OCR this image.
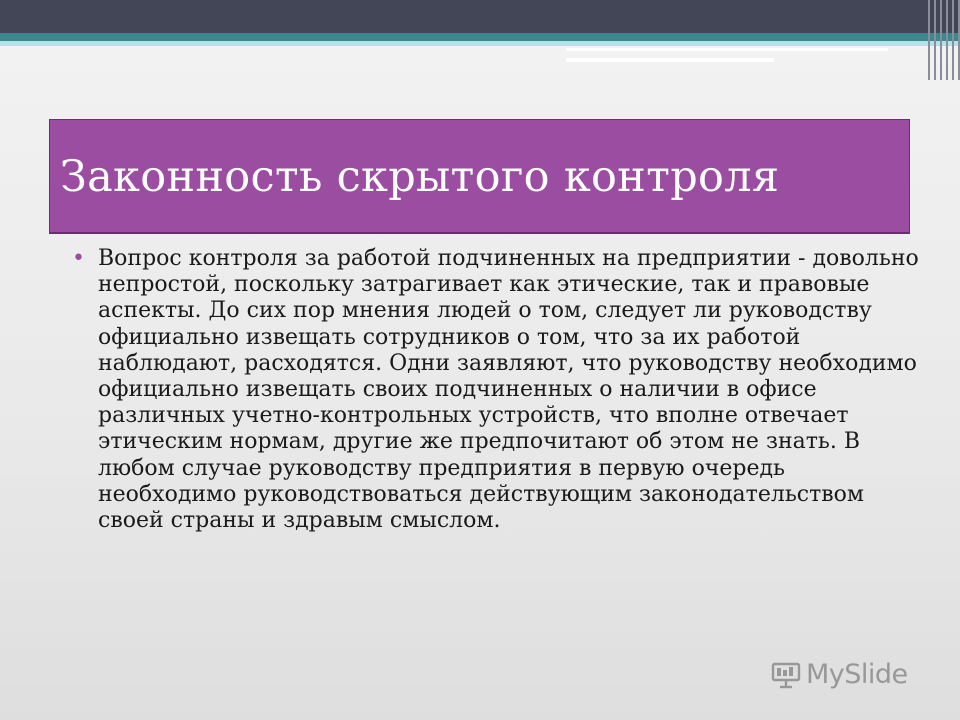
Законность скрытого контроля
• Вопрос контроля за работой подчиненных на предприятии - довольно непростой, поскольку затрагивает как этические, так и правовые аспекты. До сих пор мнения людей о том, следует ли руководству официально извещать сотрудников о том, что за их работой наблюдают, расходятся. Одни заявляют, что руководству необходимо официально извещать своих подчиненных о наличии в офисе различных учетно-контрольных устройств, что вполне отвечает этическим нормам, другие же предпочитают об этом не знать. В любом случае руководству предприятия в первую очередь необходимо руководствоваться действующим законодательством своей страны и здравым смыслом.
MySlide
